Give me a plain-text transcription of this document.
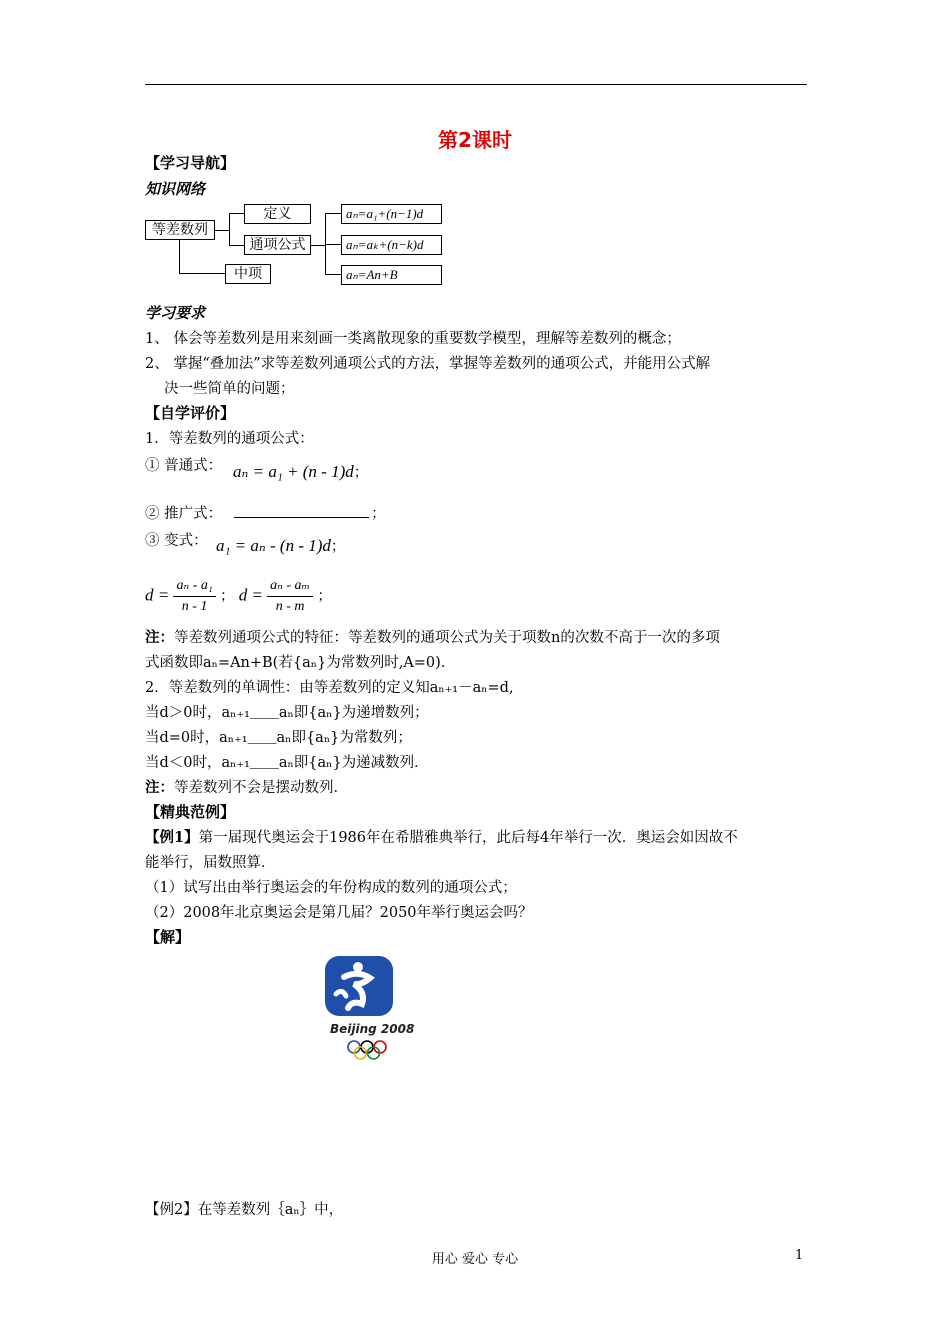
第2课时
【学习导航】
知识网络
等差数列
定义
通项公式
中项
aₙ=a₁+(n−1)d
aₙ=aₖ+(n−k)d
aₙ=An+B
学习要求
1、 体会等差数列是用来刻画一类离散现象的重要数学模型，理解等差数列的概念；
2、 掌握“叠加法”求等差数列通项公式的方法，掌握等差数列的通项公式，并能用公式解
决一些简单的问题；
【自学评价】
1．等差数列的通项公式：
① 普通式： aₙ = a₁ + (n - 1)d；
② 推广式：	；
③ 变式： a₁ = aₙ - (n - 1)d；
$d = \frac{\text{aₙ - a₁}}{n - 1}$ ； $d = \frac{\text{aₙ - aₘ}}{n - m}$ ；
注：等差数列通项公式的特征：等差数列的通项公式为关于项数n的次数不高于一次的多项
式函数即aₙ=An+B(若{aₙ}为常数列时,A=0)．
2．等差数列的单调性：由等差数列的定义知aₙ₊₁－aₙ=d,
当d＞0时，aₙ₊₁＿＿aₙ即{aₙ}为递增数列；
当d=0时，aₙ₊₁＿＿aₙ即{aₙ}为常数列；
当d＜0时，aₙ₊₁＿＿aₙ即{aₙ}为递减数列．
注：等差数列不会是摆动数列．
【精典范例】
【例1】第一届现代奥运会于1986年在希腊雅典举行，此后每4年举行一次．奥运会如因故不
能举行，届数照算．
（1）试写出由举行奥运会的年份构成的数列的通项公式；
（2）2008年北京奥运会是第几届？2050年举行奥运会吗？
【解】
Beijing 2008
【例2】在等差数列｛aₙ｝中，
用心 爱心 专心	1
